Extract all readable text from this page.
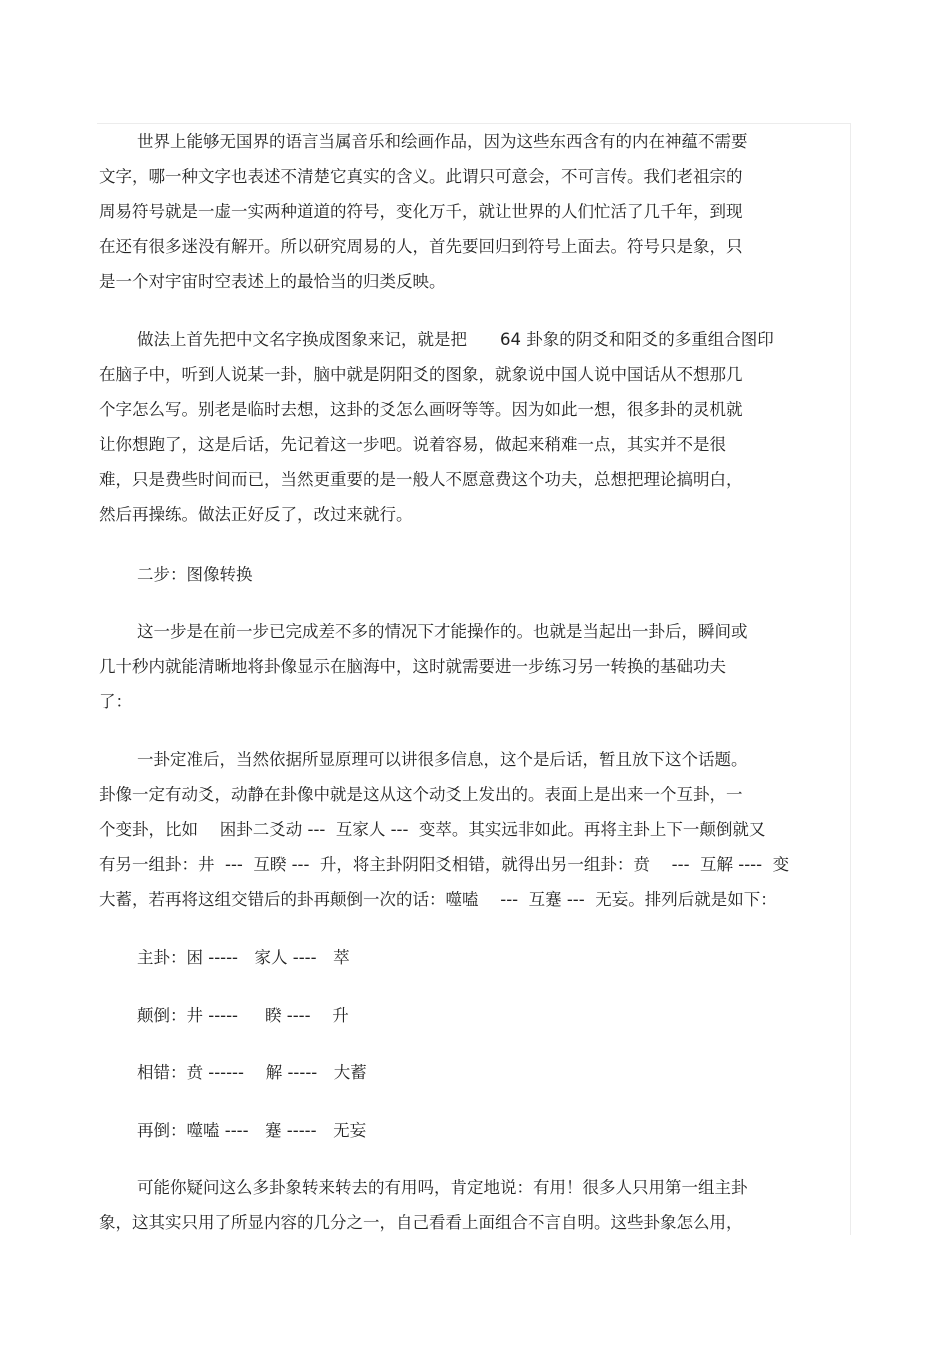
世界上能够无国界的语言当属音乐和绘画作品，因为这些东西含有的内在神蕴不需要
文字，哪一种文字也表述不清楚它真实的含义。此谓只可意会，不可言传。我们老祖宗的
周易符号就是一虚一实两种道道的符号，变化万千，就让世界的人们忙活了几千年，到现
在还有很多迷没有解开。所以研究周易的人，首先要回归到符号上面去。符号只是象，只
是一个对宇宙时空表述上的最恰当的归类反映。
做法上首先把中文名字换成图象来记，就是把　　64 卦象的阴爻和阳爻的多重组合图印
在脑子中，听到人说某一卦，脑中就是阴阳爻的图象，就象说中国人说中国话从不想那几
个字怎么写。别老是临时去想，这卦的爻怎么画呀等等。因为如此一想，很多卦的灵机就
让你想跑了，这是后话，先记着这一步吧。说着容易，做起来稍难一点，其实并不是很
难，只是费些时间而已，当然更重要的是一般人不愿意费这个功夫，总想把理论搞明白，
然后再操练。做法正好反了，改过来就行。
二步：图像转换
这一步是在前一步已完成差不多的情况下才能操作的。也就是当起出一卦后，瞬间或
几十秒内就能清晰地将卦像显示在脑海中，这时就需要进一步练习另一转换的基础功夫
了：
一卦定准后，当然依据所显原理可以讲很多信息，这个是后话，暂且放下这个话题。
卦像一定有动爻，动静在卦像中就是这从这个动爻上发出的。表面上是出来一个互卦，一
个变卦，比如　 困卦二爻动 ---  互家人 ---  变萃。其实远非如此。再将主卦上下一颠倒就又
有另一组卦：井  ---  互睽 ---  升，将主卦阴阳爻相错，就得出另一组卦：贲　 ---  互解 ----  变
大蓄，若再将这组交错后的卦再颠倒一次的话：噬嗑　 ---  互蹇 ---  无妄。排列后就是如下：
主卦：困 -----　家人 ----　萃
颠倒：井 -----　  睽 ----　 升
相错：贲 ------　 解 -----　大蓄
再倒：噬嗑 ----　蹇 -----　无妄
可能你疑问这么多卦象转来转去的有用吗，肯定地说：有用！很多人只用第一组主卦
象，这其实只用了所显内容的几分之一，自己看看上面组合不言自明。这些卦象怎么用，
